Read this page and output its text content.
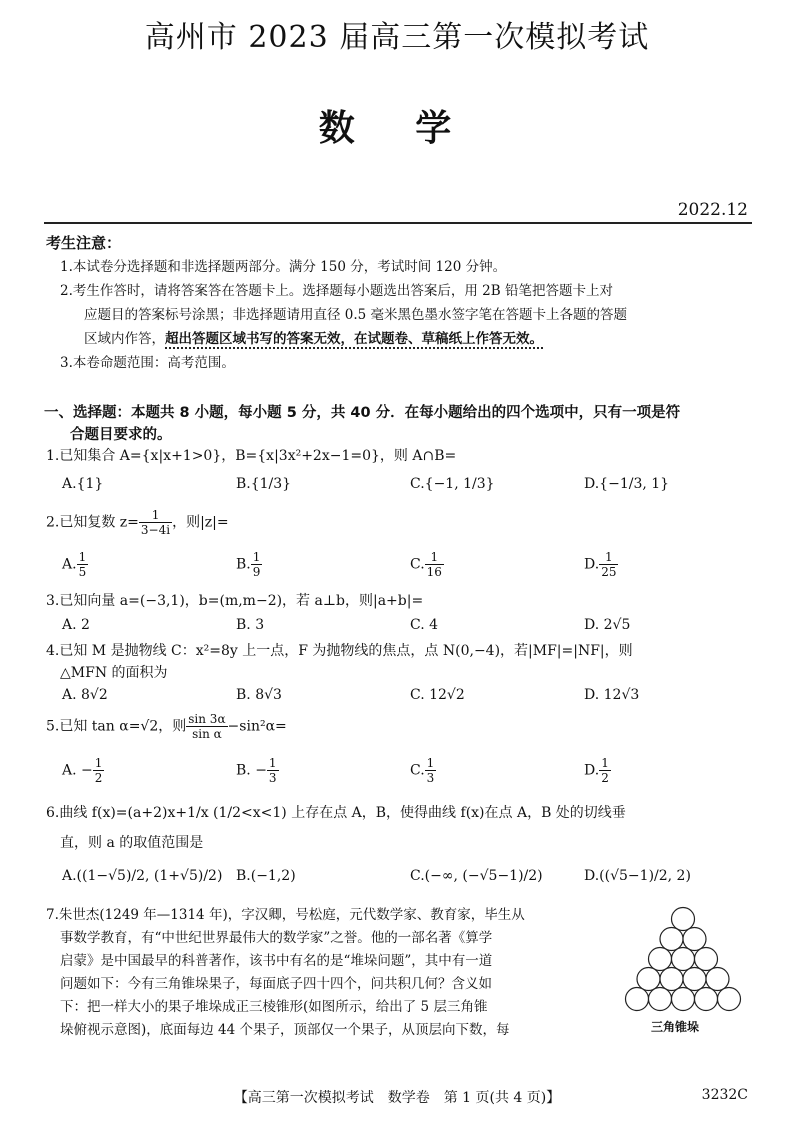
高州市 2023 届高三第一次模拟考试
数 学
2022.12
考生注意：
1.本试卷分选择题和非选择题两部分。满分 150 分，考试时间 120 分钟。
2.考生作答时，请将答案答在答题卡上。选择题每小题选出答案后，用 2B 铅笔把答题卡上对
应题目的答案标号涂黑；非选择题请用直径 0.5 毫米黑色墨水签字笔在答题卡上各题的答题
区域内作答，超出答题区域书写的答案无效，在试题卷、草稿纸上作答无效。
3.本卷命题范围：高考范围。
一、选择题：本题共 8 小题，每小题 5 分，共 40 分．在每小题给出的四个选项中，只有一项是符
合题目要求的。
1.已知集合 A={x|x+1>0}，B={x|3x²+2x−1=0}，则 A∩B=
A.{1}	B.{1/3}	C.{−1, 1/3}	D.{−1/3, 1}
2.已知复数 $z= \frac{1}{3-4i}$ ，则|z|=
A. $\frac{1}{5}$	B. $\frac{1}{9}$	C. $\frac{1}{16}$	D. $\frac{1}{25}$
3.已知向量 a=(−3,1)，b=(m,m−2)，若 a⊥b，则|a+b|=
A. 2	B. 3	C. 4	D. 2√5
4.已知 M 是抛物线 C：x²=8y 上一点，F 为抛物线的焦点，点 N(0,−4)，若|MF|=|NF|，则
△MFN 的面积为
A. 8√2	B. 8√3	C. 12√2	D. 12√3
5.已知 tan α=√2，则 $\frac{\sin 3\alpha}{\text{sin α}} -\sin^2\alpha=$
A. − $\frac{1}{2}$	B. − $\frac{1}{3}$	C. $\frac{1}{3}$	D. $\frac{1}{2}$
6.曲线 f(x)=(a+2)x+1/x (1/2<x<1) 上存在点 A，B，使得曲线 f(x)在点 A，B 处的切线垂
直，则 a 的取值范围是
A.((1−√5)/2, (1+√5)/2) B.(−1,2)	C.(−∞, (−√5−1)/2)	D.((√5−1)/2, 2)
7.朱世杰(1249 年—1314 年)，字汉卿，号松庭，元代数学家、教育家，毕生从
事数学教育，有“中世纪世界最伟大的数学家”之誉。他的一部名著《算学
启蒙》是中国最早的科普著作，该书中有名的是“堆垛问题”，其中有一道
问题如下：今有三角锥垛果子，每面底子四十四个，问共积几何？含义如
下：把一样大小的果子堆垛成正三棱锥形(如图所示，给出了 5 层三角锥
垛俯视示意图)，底面每边 44 个果子，顶部仅一个果子，从顶层向下数，每	三角锥垛
【高三第一次模拟考试　数学卷　第 1 页(共 4 页)】	3232C
